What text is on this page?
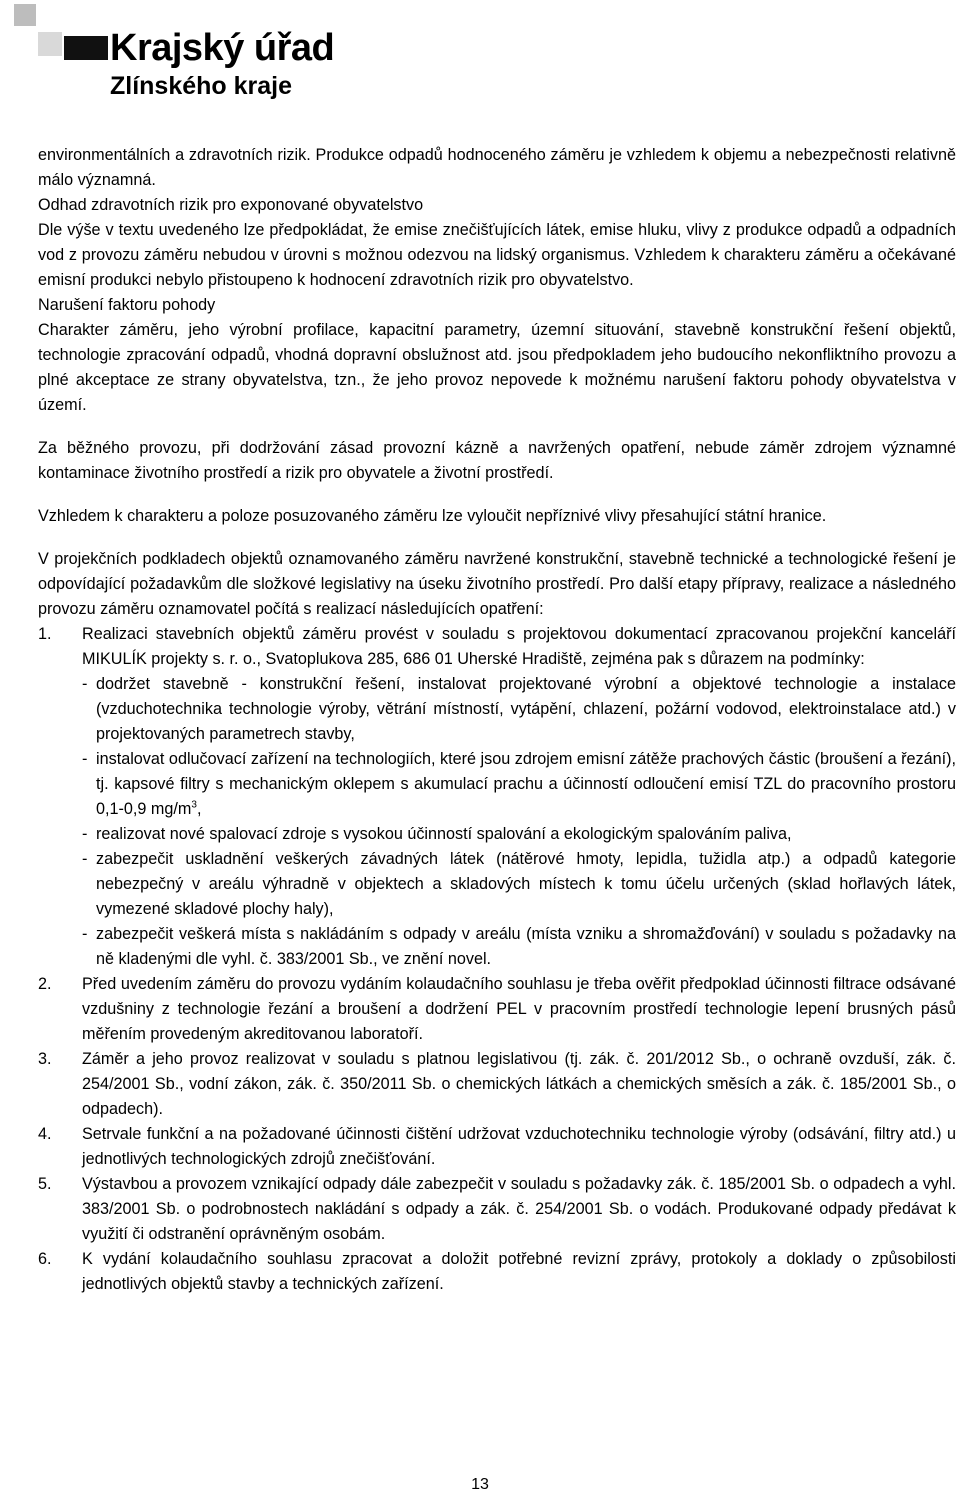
Krajský úřad
Zlínského kraje

environmentálních a zdravotních rizik. Produkce odpadů hodnoceného záměru je vzhledem k objemu a nebezpečnosti relativně málo významná.

Odhad zdravotních rizik pro exponované obyvatelstvo

Dle výše v textu uvedeného lze předpokládat, že emise znečišťujících látek, emise hluku, vlivy z produkce odpadů a odpadních vod z provozu záměru nebudou v úrovni s možnou odezvou na lidský organismus. Vzhledem k charakteru záměru a očekávané emisní produkci nebylo přistoupeno k hodnocení zdravotních rizik pro obyvatelstvo.

Narušení faktoru pohody

Charakter záměru, jeho výrobní profilace, kapacitní parametry, územní situování, stavebně konstrukční řešení objektů, technologie zpracování odpadů, vhodná dopravní obslužnost atd. jsou předpokladem jeho budoucího nekonfliktního provozu a plné akceptace ze strany obyvatelstva, tzn., že jeho provoz nepovede k možnému narušení faktoru pohody obyvatelstva v území.

Za běžného provozu, při dodržování zásad provozní kázně a navržených opatření, nebude záměr zdrojem významné kontaminace životního prostředí a rizik pro obyvatele a životní prostředí.

Vzhledem k charakteru a poloze posuzovaného záměru lze vyloučit nepříznivé vlivy přesahující státní hranice.

V projekčních podkladech objektů oznamovaného záměru navržené konstrukční, stavebně technické a technologické řešení je odpovídající požadavkům dle složkové legislativy na úseku životního prostředí. Pro další etapy přípravy, realizace a následného provozu záměru oznamovatel počítá s realizací následujících opatření:

1. Realizaci stavebních objektů záměru provést v souladu s projektovou dokumentací zpracovanou projekční kanceláří MIKULÍK projekty s. r. o., Svatoplukova 285, 686 01 Uherské Hradiště, zejména pak s důrazem na podmínky:
- dodržet stavebně - konstrukční řešení, instalovat projektované výrobní a objektové technologie a instalace (vzduchotechnika technologie výroby, větrání místností, vytápění, chlazení, požární vodovod, elektroinstalace atd.) v projektovaných parametrech stavby,
- instalovat odlučovací zařízení na technologiích, které jsou zdrojem emisní zátěže prachových částic (broušení a řezání), tj. kapsové filtry s mechanickým oklepem s akumulací prachu a účinností odloučení emisí TZL do pracovního prostoru 0,1-0,9 $mg/m^3$,
- realizovat nové spalovací zdroje s vysokou účinností spalování a ekologickým spalováním paliva,
- zabezpečit uskladnění veškerých závadných látek (nátěrové hmoty, lepidla, tužidla atp.) a odpadů kategorie nebezpečný v areálu výhradně v objektech a skladových místech k tomu účelu určených (sklad hořlavých látek, vymezené skladové plochy haly),
- zabezpečit veškerá místa s nakládáním s odpady v areálu (místa vzniku a shromažďování) v souladu s požadavky na ně kladenými dle vyhl. č. 383/2001 Sb., ve znění novel.
2. Před uvedením záměru do provozu vydáním kolaudačního souhlasu je třeba ověřit předpoklad účinnosti filtrace odsávané vzdušniny z technologie řezání a broušení a dodržení PEL v pracovním prostředí technologie lepení brusných pásů měřením provedeným akreditovanou laboratoří.
3. Záměr a jeho provoz realizovat v souladu s platnou legislativou (tj. zák. č. 201/2012 Sb., o ochraně ovzduší, zák. č. 254/2001 Sb., vodní zákon, zák. č. 350/2011 Sb. o chemických látkách a chemických směsích a zák. č. 185/2001 Sb., o odpadech).
4. Setrvale funkční a na požadované účinnosti čištění udržovat vzduchotechniku technologie výroby (odsávání, filtry atd.) u jednotlivých technologických zdrojů znečišťování.
5. Výstavbou a provozem vznikající odpady dále zabezpečit v souladu s požadavky zák. č. 185/2001 Sb. o odpadech a vyhl. 383/2001 Sb. o podrobnostech nakládání s odpady a zák. č. 254/2001 Sb. o vodách. Produkované odpady předávat k využití či odstranění oprávněným osobám.
6. K vydání kolaudačního souhlasu zpracovat a doložit potřebné revizní zprávy, protokoly a doklady o způsobilosti jednotlivých objektů stavby a technických zařízení.
13
